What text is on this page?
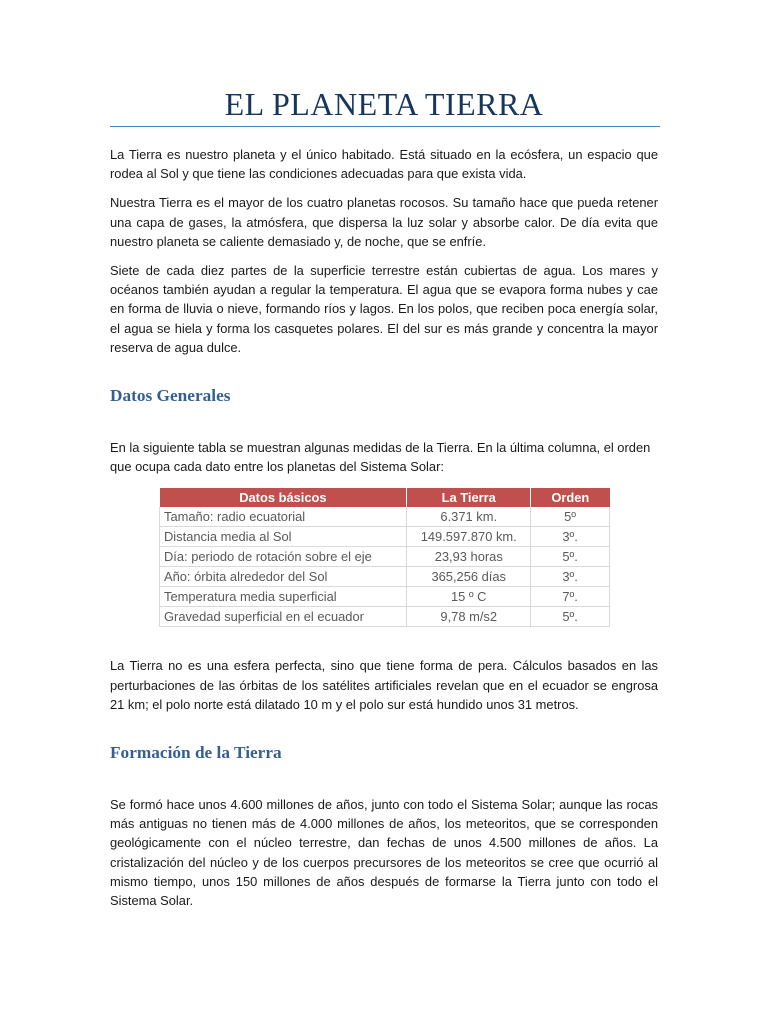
EL PLANETA TIERRA

La Tierra es nuestro planeta y el único habitado. Está situado en la ecósfera, un espacio que rodea al Sol y que tiene las condiciones adecuadas para que exista vida.

Nuestra Tierra es el mayor de los cuatro planetas rocosos. Su tamaño hace que pueda retener una capa de gases, la atmósfera, que dispersa la luz solar y absorbe calor. De día evita que nuestro planeta se caliente demasiado y, de noche, que se enfríe.

Siete de cada diez partes de la superficie terrestre están cubiertas de agua. Los mares y océanos también ayudan a regular la temperatura. El agua que se evapora forma nubes y cae en forma de lluvia o nieve, formando ríos y lagos. En los polos, que reciben poca energía solar, el agua se hiela y forma los casquetes polares. El del sur es más grande y concentra la mayor reserva de agua dulce.

Datos Generales

En la siguiente tabla se muestran algunas medidas de la Tierra. En la última columna, el orden que ocupa cada dato entre los planetas del Sistema Solar:

Datos básicos	La Tierra	Orden
Tamaño: radio ecuatorial	6.371 km.	5º
Distancia media al Sol	149.597.870 km.	3º.
Día: periodo de rotación sobre el eje	23,93 horas	5º.
Año: órbita alrededor del Sol	365,256 días	3º.
Temperatura media superficial	15 º C	7º.
Gravedad superficial en el ecuador	9,78 m/s2	5º.

La Tierra no es una esfera perfecta, sino que tiene forma de pera. Cálculos basados en las perturbaciones de las órbitas de los satélites artificiales revelan que en el ecuador se engrosa 21 km; el polo norte está dilatado 10 m y el polo sur está hundido unos 31 metros.

Formación de la Tierra

Se formó hace unos 4.600 millones de años, junto con todo el Sistema Solar; aunque las rocas más antiguas no tienen más de 4.000 millones de años, los meteoritos, que se corresponden geológicamente con el núcleo terrestre, dan fechas de unos 4.500 millones de años. La cristalización del núcleo y de los cuerpos precursores de los meteoritos se cree que ocurrió al mismo tiempo, unos 150 millones de años después de formarse la Tierra junto con todo el Sistema Solar.
